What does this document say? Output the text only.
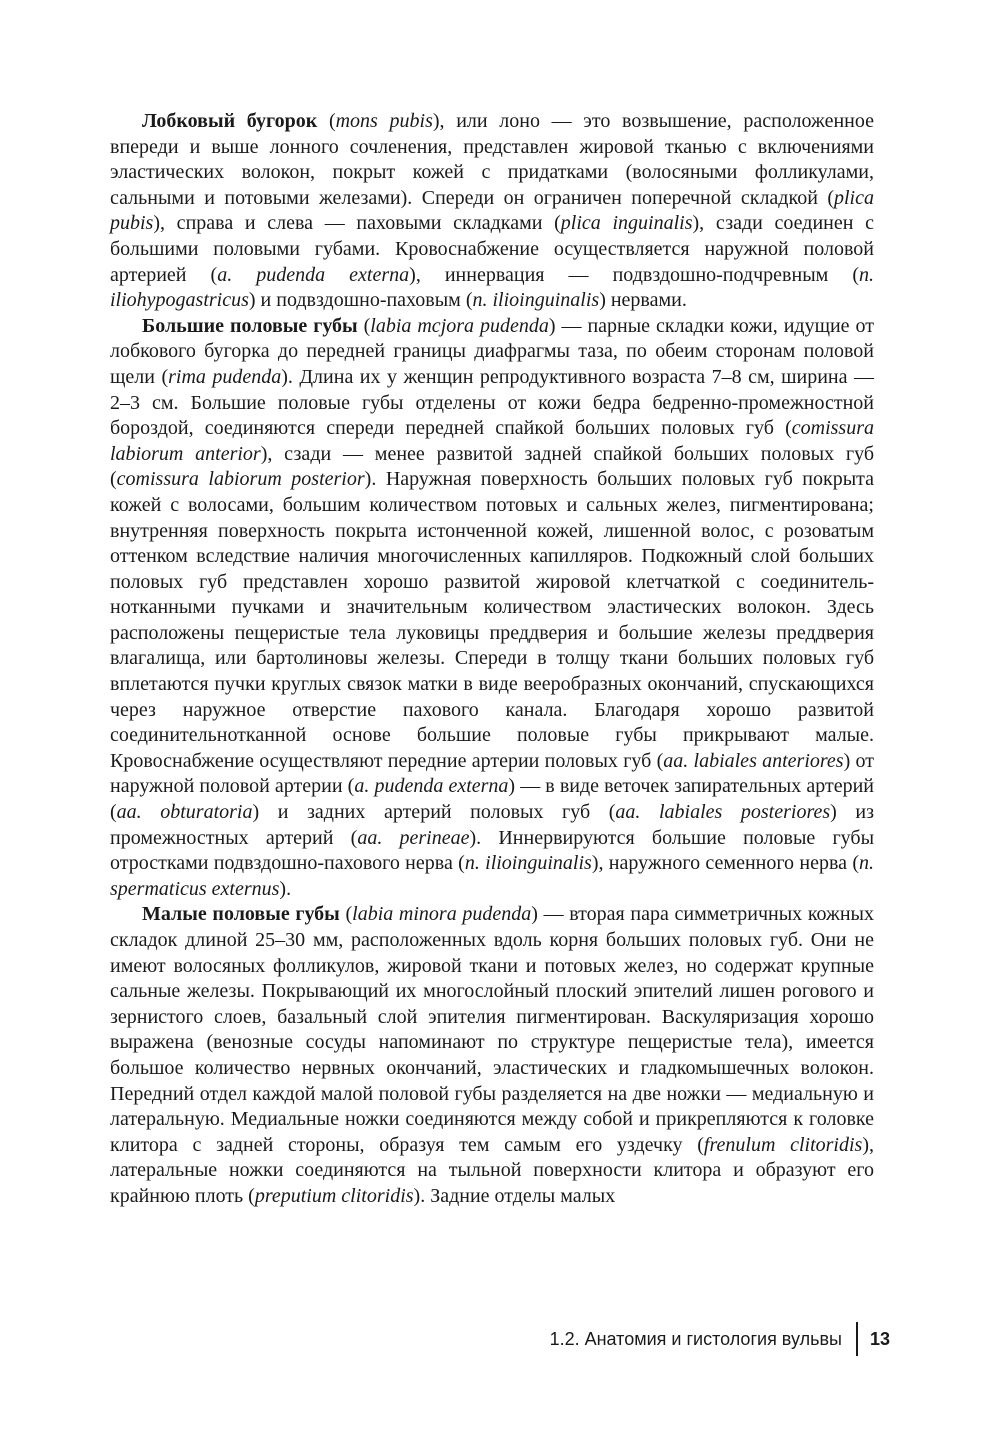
Лобковый бугорок (mons pubis), или лоно — это возвышение, расположенное впереди и выше лонного сочленения, представлен жировой тканью с включениями эластических волокон, покрыт кожей с придатками (волосяными фолликулами, сальными и потовыми железами). Спереди он ограничен поперечной складкой (plica pubis), справа и слева — паховыми складками (plica inguinalis), сзади соединен с большими половыми губами. Кровоснабжение осуществляется наружной половой артерией (a. pudenda externa), иннервация — подвздошно-подчревным (n. iliohypogastricus) и подвздошно-паховым (n. ilioinguinalis) нервами.

Большие половые губы (labia mcjora pudenda) — парные складки кожи, идущие от лобкового бугорка до передней границы диафрагмы таза, по обеим сторонам половой щели (rima pudenda). Длина их у женщин репродуктивного возраста 7–8 см, ширина — 2–3 см. Большие половые губы отделены от кожи бедра бедренно-промежностной бороздой, соединяются спереди передней спайкой больших половых губ (comissura labiorum anterior), сзади — менее развитой задней спайкой больших половых губ (comissura labiorum posterior). Наружная поверхность больших половых губ покрыта кожей с волосами, большим количеством потовых и сальных желез, пигментирована; внутренняя поверхность покрыта истонченной кожей, лишенной волос, с розоватым оттенком вследствие наличия многочисленных капилляров. Подкожный слой больших половых губ представлен хорошо развитой жировой клетчаткой с соединительнотканными пучками и значительным количеством эластических волокон. Здесь расположены пещеристые тела луковицы преддверия и большие железы преддверия влагалища, или бартолиновы железы. Спереди в толщу ткани больших половых губ вплетаются пучки круглых связок матки в виде вееробразных окончаний, спускающихся через наружное отверстие пахового канала. Благодаря хорошо развитой соединительнотканной основе большие половые губы прикрывают малые. Кровоснабжение осуществляют передние артерии половых губ (aa. labiales anteriores) от наружной половой артерии (a. pudenda externa) — в виде веточек запирательных артерий (aa. obturatoria) и задних артерий половых губ (aa. labiales posteriores) из промежностных артерий (aa. perineae). Иннервируются большие половые губы отростками подвздошно-пахового нерва (n. ilioinguinalis), наружного семенного нерва (n. spermaticus externus).

Малые половые губы (labia minora pudenda) — вторая пара симметричных кожных складок длиной 25–30 мм, расположенных вдоль корня больших половых губ. Они не имеют волосяных фолликулов, жировой ткани и потовых желез, но содержат крупные сальные железы. Покрывающий их многослойный плоский эпителий лишен рогового и зернистого слоев, базальный слой эпителия пигментирован. Васкуляризация хорошо выражена (венозные сосуды напоминают по структуре пещеристые тела), имеется большое количество нервных окончаний, эластических и гладкомышечных волокон. Передний отдел каждой малой половой губы разделяется на две ножки — медиальную и латеральную. Медиальные ножки соединяются между собой и прикрепляются к головке клитора с задней стороны, образуя тем самым его уздечку (frenulum clitoridis), латеральные ножки соединяются на тыльной поверхности клитора и образуют его крайнюю плоть (preputium clitoridis). Задние отделы малых

1.2. Анатомия и гистология вульвы	13
